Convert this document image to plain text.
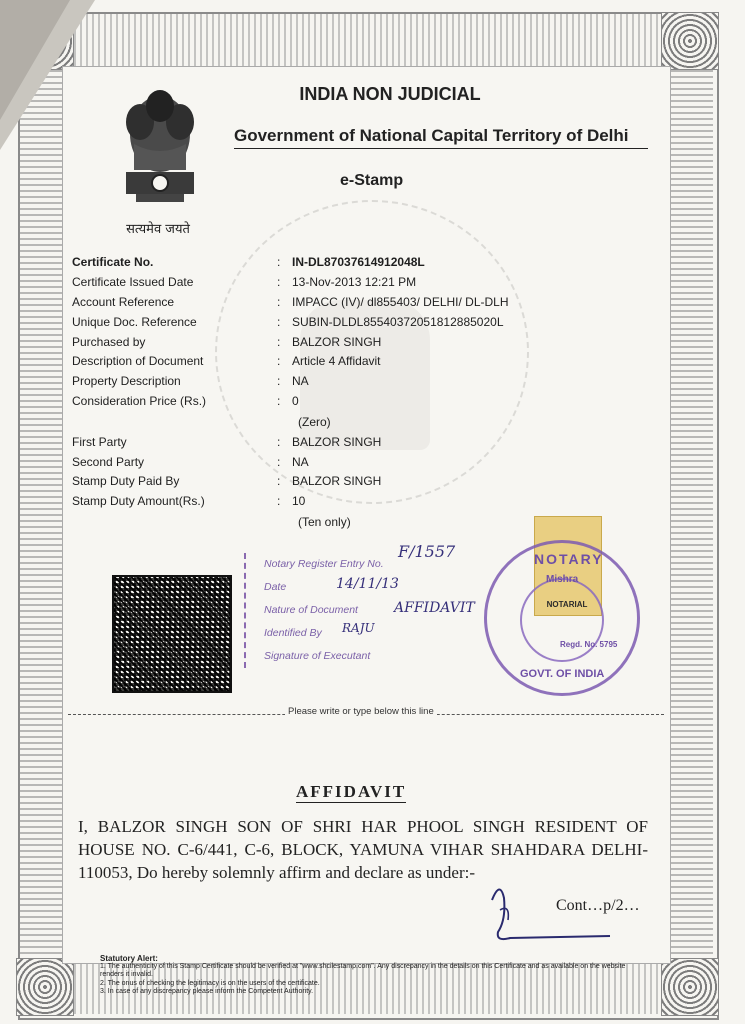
सत्यमेव जयते
INDIA NON JUDICIAL
Government of National Capital Territory of Delhi
e-Stamp
Certificate No.	: IN-DL87037614912048L
Certificate Issued Date	: 13-Nov-2013 12:21 PM
Account Reference	: IMPACC (IV)/ dl855403/ DELHI/ DL-DLH
Unique Doc. Reference	: SUBIN-DLDL85540372051812885020L
Purchased by	: BALZOR SINGH
Description of Document	: Article 4 Affidavit
Property Description	: NA
Consideration Price (Rs.)	: 0
(Zero)
First Party	: BALZOR SINGH
Second Party	: NA
Stamp Duty Paid By	: BALZOR SINGH
Stamp Duty Amount(Rs.)	: 10
(Ten only)
Notary Register Entry No.
F/1557
Date	14/11/13
Nature of Document	AFFIDAVIT
Identified By RAJU
Signature of Executant
NOTARY
Mishra
NOTARIAL
Regd. No. 5795
GOVT. OF INDIA
Please write or type below this line
AFFIDAVIT
I, BALZOR SINGH SON OF SHRI HAR PHOOL SINGH RESIDENT OF HOUSE NO. C-6/441, C-6, BLOCK, YAMUNA VIHAR SHAHDARA DELHI-110053, Do hereby solemnly affirm and declare as under:-
Cont…p/2…
Statutory Alert:
1. The authenticity of this Stamp Certificate should be verified at "www.shcilestamp.com". Any discrepancy in the details on this Certificate and as available on the website renders it invalid.
2. The onus of checking the legitimacy is on the users of the certificate.
3. In case of any discrepancy please inform the Competent Authority.
